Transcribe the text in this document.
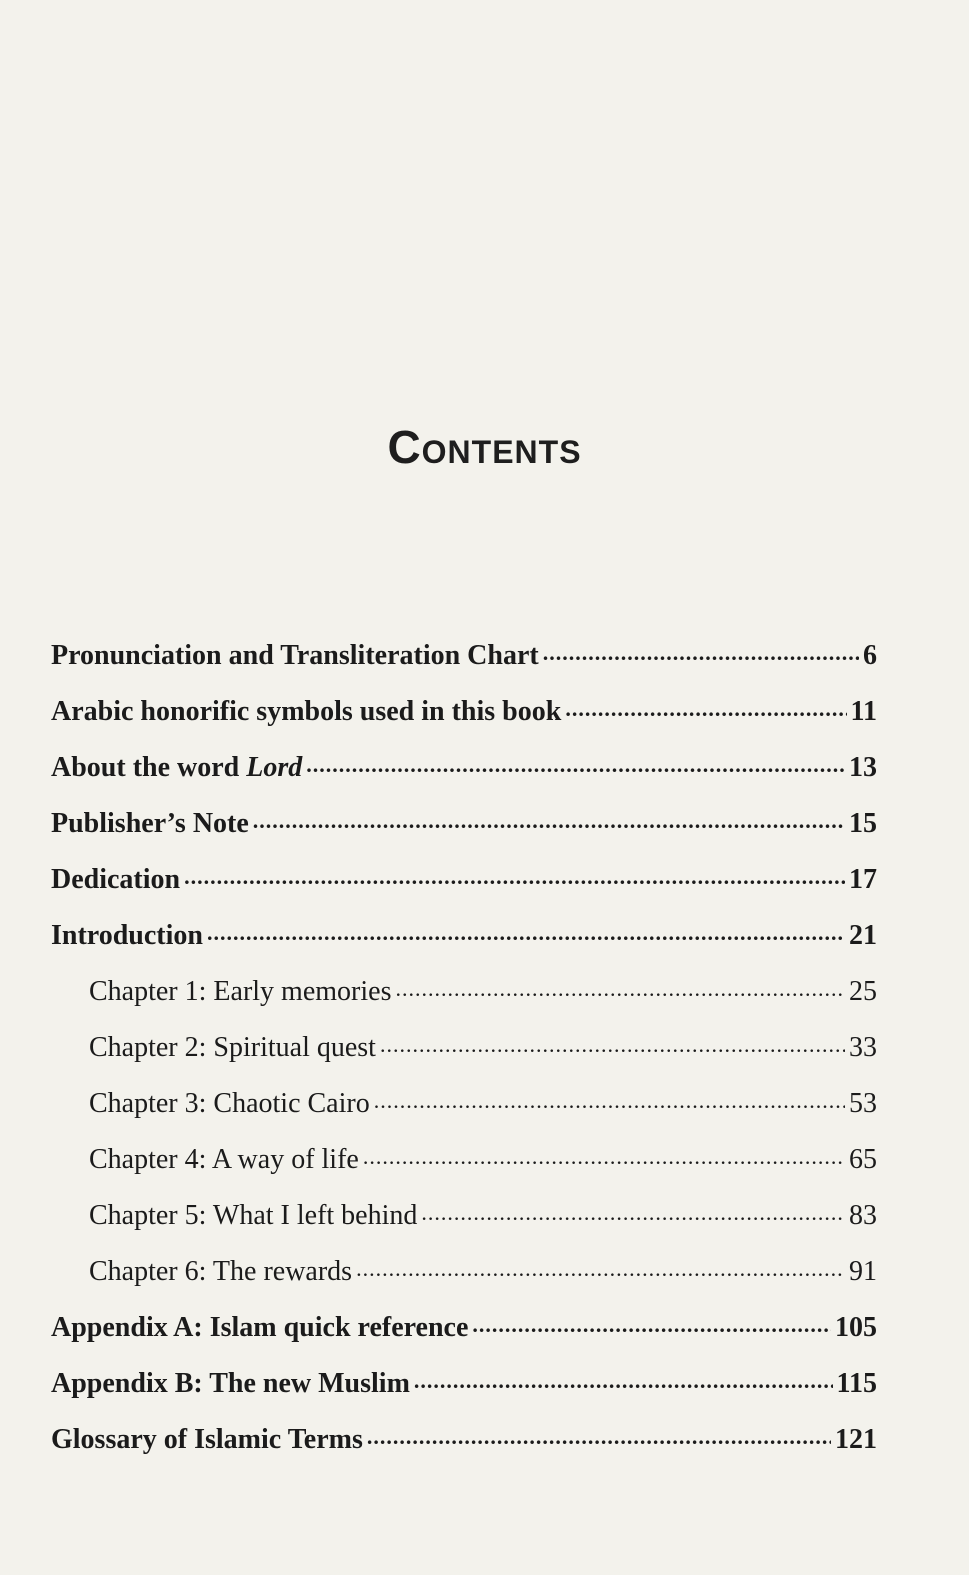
Contents
Pronunciation and Transliteration Chart .....	6
Arabic honorific symbols used in this book .....	11
About the word Lord .....	13
Publisher’s Note .....	15
Dedication .....	17
Introduction .....	21
Chapter 1: Early memories .....	25
Chapter 2: Spiritual quest .....	33
Chapter 3: Chaotic Cairo .....	53
Chapter 4: A way of life .....	65
Chapter 5: What I left behind .....	83
Chapter 6: The rewards .....	91
Appendix A: Islam quick reference .....	105
Appendix B: The new Muslim .....	115
Glossary of Islamic Terms .....	121
